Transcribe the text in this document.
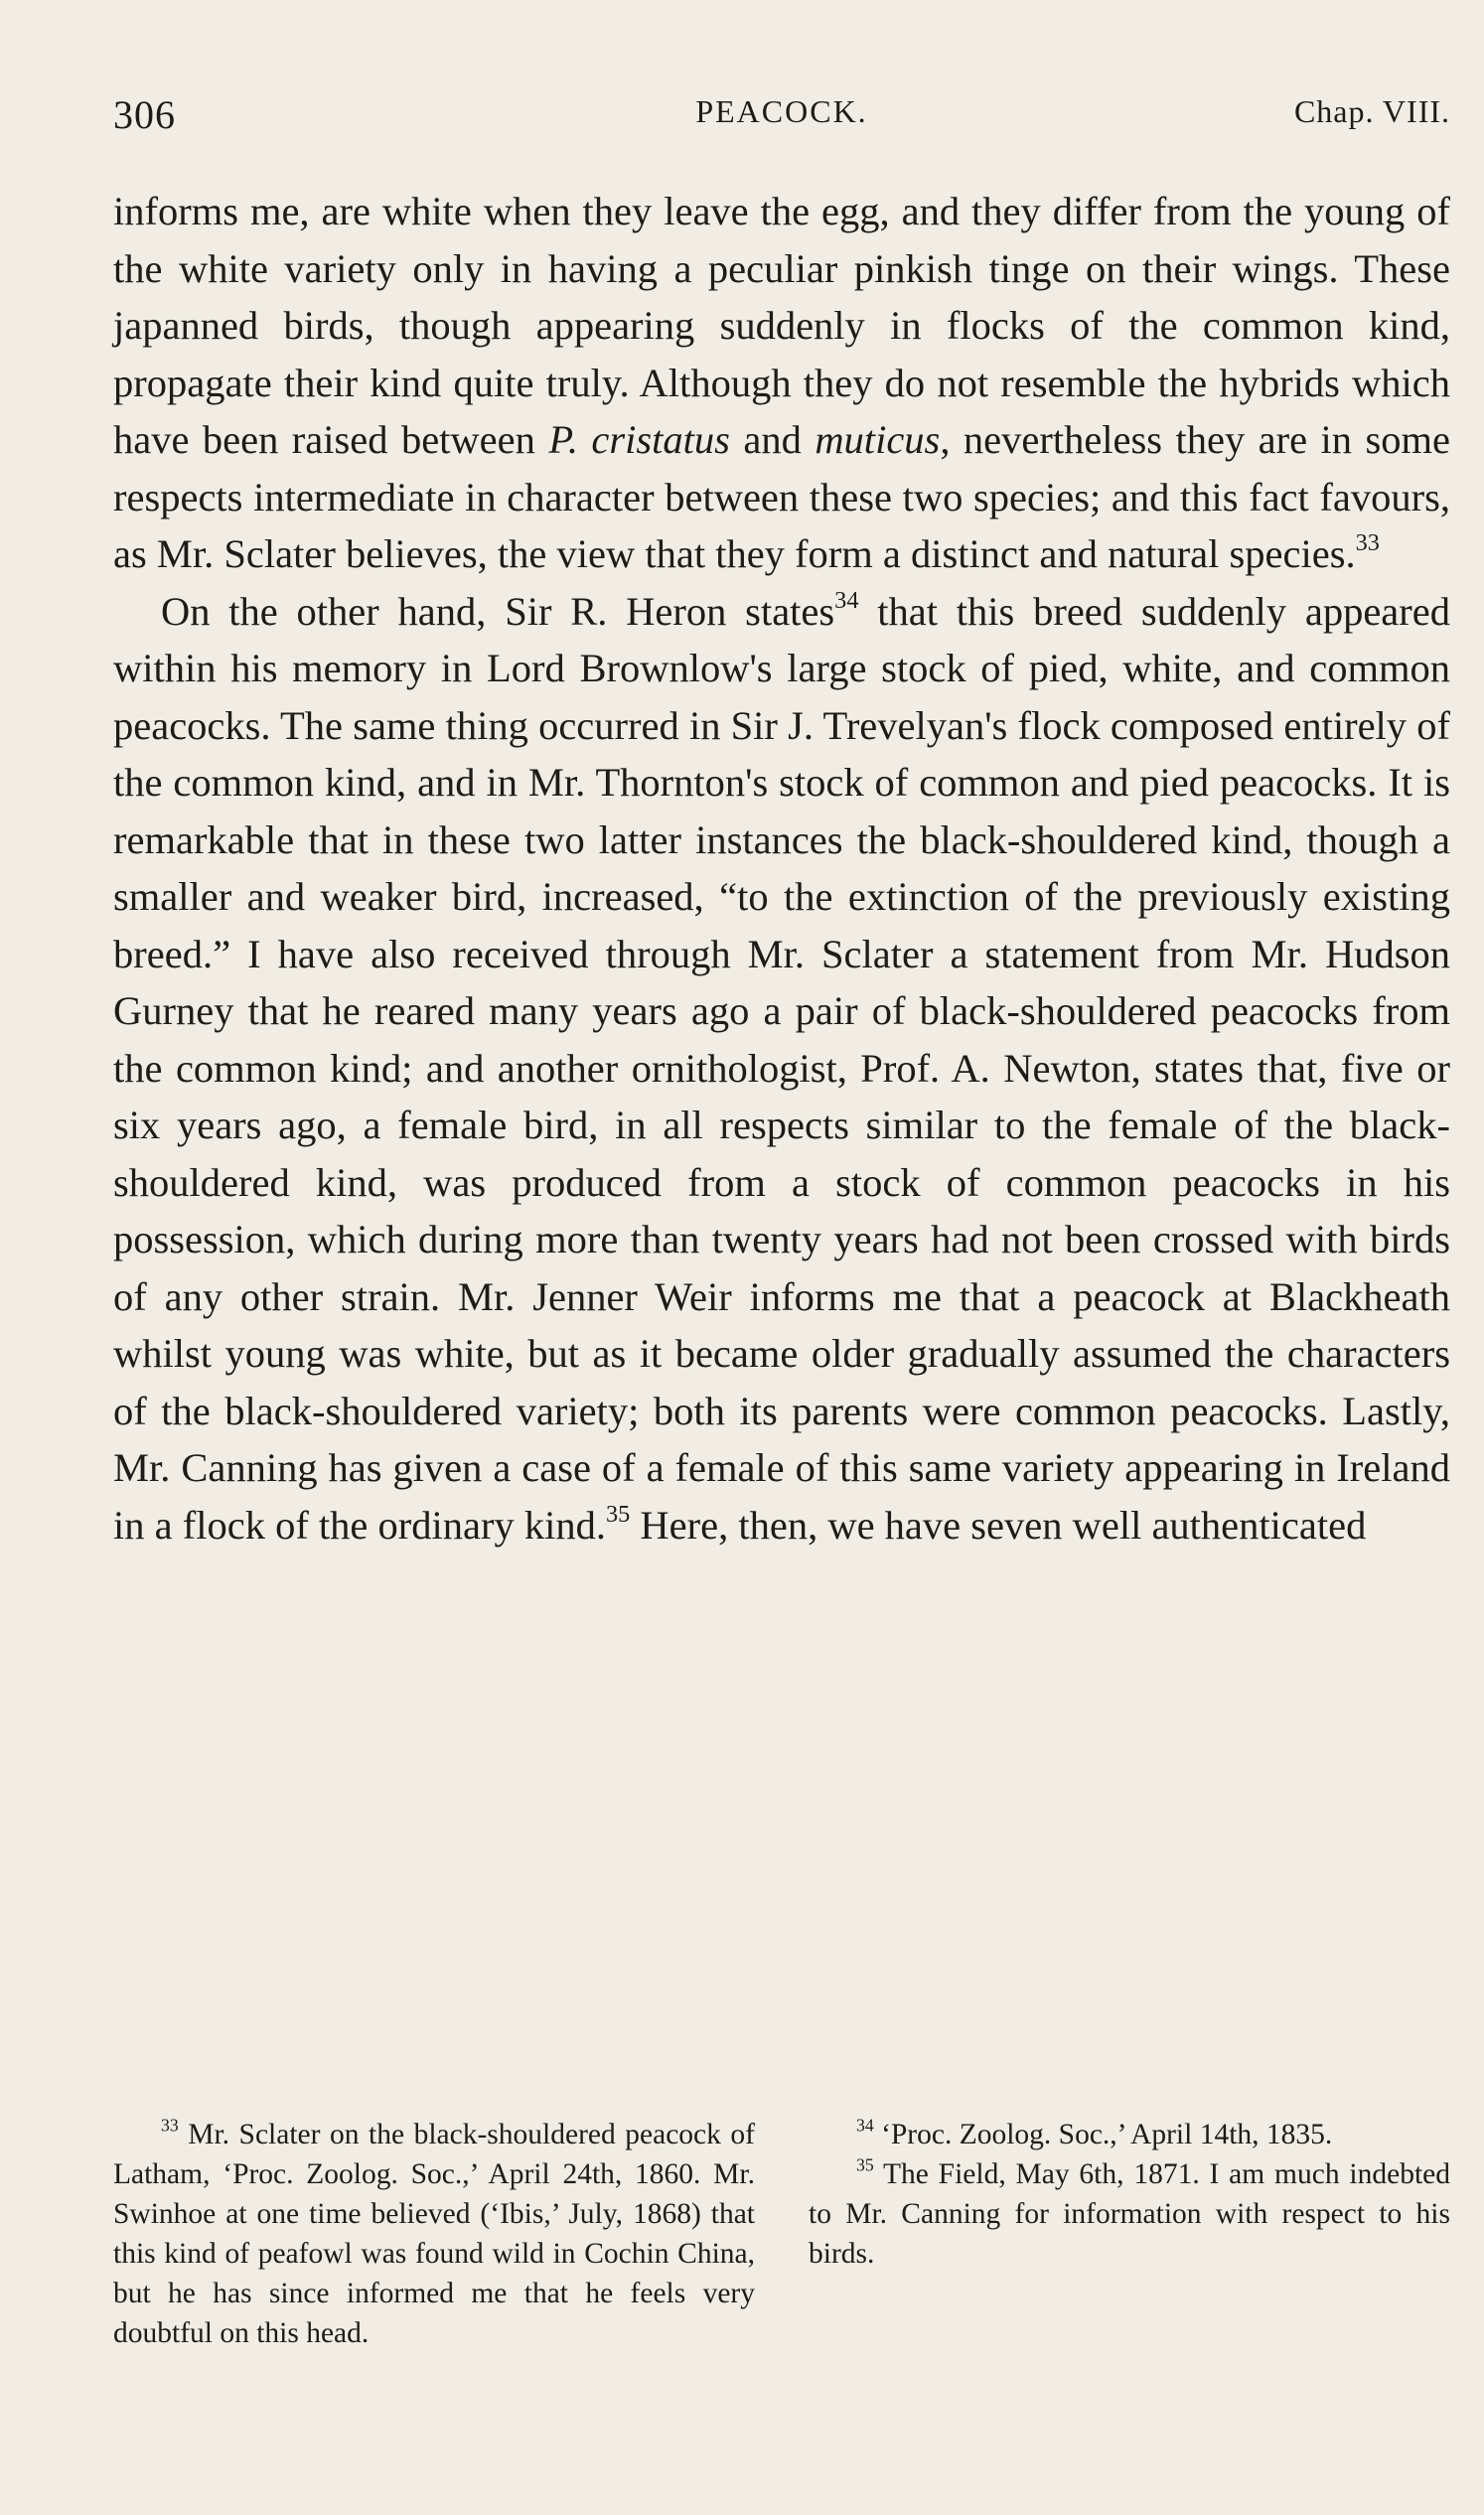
306	PEACOCK.	Chap. VIII.

informs me, are white when they leave the egg, and they differ from the young of the white variety only in having a peculiar pinkish tinge on their wings. These japanned birds, though appearing suddenly in flocks of the common kind, propagate their kind quite truly. Although they do not resemble the hybrids which have been raised between P. cristatus and muticus, nevertheless they are in some respects intermediate in character between these two species; and this fact favours, as Mr. Sclater believes, the view that they form a distinct and natural species.$^{33}$

On the other hand, Sir R. Heron states$^{34}$ that this breed suddenly appeared within his memory in Lord Brownlow's large stock of pied, white, and common peacocks. The same thing occurred in Sir J. Trevelyan's flock composed entirely of the common kind, and in Mr. Thornton's stock of common and pied peacocks. It is remarkable that in these two latter instances the black-shouldered kind, though a smaller and weaker bird, increased, “to the extinction of the previously existing breed.” I have also received through Mr. Sclater a statement from Mr. Hudson Gurney that he reared many years ago a pair of black-shouldered peacocks from the common kind; and another ornithologist, Prof. A. Newton, states that, five or six years ago, a female bird, in all respects similar to the female of the black-shouldered kind, was produced from a stock of common peacocks in his possession, which during more than twenty years had not been crossed with birds of any other strain. Mr. Jenner Weir informs me that a peacock at Blackheath whilst young was white, but as it became older gradually assumed the characters of the black-shouldered variety; both its parents were common peacocks. Lastly, Mr. Canning has given a case of a female of this same variety appearing in Ireland in a flock of the ordinary kind.$^{35}$ Here, then, we have seven well authenticated

$^{33}$ Mr. Sclater on the black-shouldered peacock of Latham, ‘Proc. Zoolog. Soc.,’ April 24th, 1860. Mr. Swinhoe at one time believed (‘Ibis,’ July, 1868) that this kind of peafowl was found wild in Cochin China, but he has since informed me that he feels very doubtful on this head.

$^{34}$ ‘Proc. Zoolog. Soc.,’ April 14th, 1835.

$^{35}$ The Field, May 6th, 1871. I am much indebted to Mr. Canning for information with respect to his birds.
